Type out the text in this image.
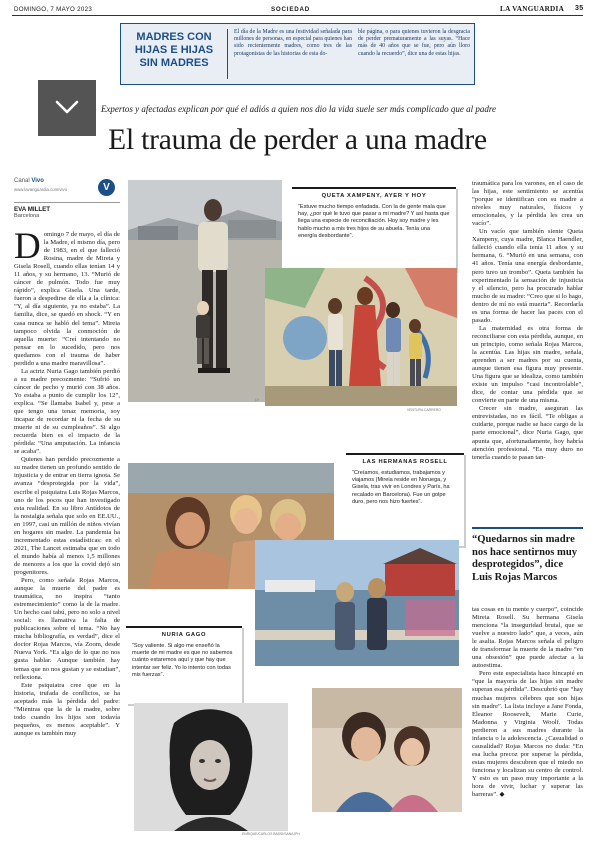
DOMINGO, 7 MAYO 2023	SOCIEDAD	LA VANGUARDIA 35
MADRES CON
HIJAS E HIJAS
SIN MADRES
El día de la Madre es una festividad señalada para millones de personas, en especial para quienes han sido recientemente madres, como tres de las protagonistas de las historias de esta do-
ble página, o para quienes tuvieron la desgracia de perder prematuramente a las suyas. “Hace más de 40 años que se fue, pero aún lloro cuando la recuerdo”, dice una de estas hijas.
Expertos y afectadas explican por qué el adiós a quien nos dio la vida suele ser más complicado que al padre
El trauma de perder a una madre
Canal Vivo
www.lavanguardia.com/vivo	V
EVA MILLET
Barcelona

Domingo 7 de mayo, el día de la Madre, el mismo día, pero de 1983, en el que falleció Rosina, madre de Mireia y Gisela Rosell, cuando ellas tenían 14 y 11 años, y su hermano, 13. “Murió de cáncer de pulmón. Todo fue muy rápido”, explica Gisela. Una tarde, fueron a despedirse de ella a la clínica: “Y, al día siguiente, ya no estaba”. La familia, dice, se quedó en shock. “Y en casa nunca se habló del tema”. Mireia tampoco olvida la conmoción de aquella muerte: “Creí intentando no pensar en lo sucedido, pero nos quedamos con el trauma de haber perdido a una madre maravillosa”.

La actriz Nuria Gago también perdió a su madre precozmente: “Sufrió un cáncer de pecho y murió con 38 años. Yo estaba a punto de cumplir los 12”, explica. “Se llamaba Isabel y, pese a que tengo una tenaz memoria, soy incapaz de recordar ni la fecha de su muerte ni de su cumpleaños”. Si algo recuerda bien es el impacto de la pérdida: “Una amputación. La infancia se acaba”.

Quienes han perdido precozmente a su madre tienen un profundo sentido de injusticia y de entrar en tierra ignota. Se avanza “desprotegida por la vida”, escribe el psiquiatra Luis Rojas Marcos, uno de los pocos que han investigado esta realidad. En su libro Antídotos de la nostalgia señala que solo en EE.UU., en 1997, casi un millón de niños vivían en hogares sin madre. La pandemia ha incrementado estas estadísticas: en el 2021, The Lancet estimaba que en todo el mundo había al menos 1,5 millones de menores a los que la covid dejó sin progenitores.

Pero, como señala Rojas Marcos, aunque la muerte del padre es traumática, no inspira “tanto estremecimiento” como la de la madre. Un hecho casi tabú, pero no solo a nivel social: es llamativa la falta de publicaciones sobre el tema. “No hay mucha bibliografía, es verdad”, dice el doctor Rojas Marcos, vía Zoom, desde Nueva York. “Es algo de lo que no nos gusta hablar. Aunque también hay temas que no nos gustan y se estudian”, reflexiona.

Este psiquiatra cree que en la historia, trufada de conflictos, se ha aceptado más la pérdida del padre: “Mientras que la de la madre, sobre todo cuando los hijos son todavía pequeños, es menos aceptable”. Y aunque es también muy

LV
QUETA XAMPENY, AYER Y HOY
“Estuve mucho tiempo enfadada. Con la de gente mala que hay, ¿por qué le tuvo que pasar a mi madre? Y así hasta que llega una especie de reconciliación. Hoy soy madre y les hablo mucho a mis tres hijos de su abuela. Tenía una energía desbordante”.
VENTURA CARRERO
LAS HERMANAS ROSELL
“Creíamos, estudiamos, trabajamos y viajamos (Mireia reside en Noruega, y Gisela, tras vivir en Londres y París, ha recalado en Barcelona). Fue un golpe duro, pero nos hizo fuertes”.
NURIA GAGO
“Soy valiente. Si algo me enseñó la muerte de mi madre es que no sabemos cuánto estaremos aquí y que hay que intentar ser feliz. Yo lo intento con todas mis fuerzas”.
ENRIQUE/CARLOS BASSI/SANAJPH

traumática para los varones, en el caso de las hijas, este sentimiento se acentúa “porque se identifican con su madre a niveles muy naturales, físicos y emocionales, y la pérdida les crea un vacío”.

Un vacío que también siente Queta Xampeny, cuya madre, Blanca Haendler, falleció cuando ella tenía 11 años y su hermana, 6. “Murió en una semana, con 41 años. Tenía una energía desbordante, pero tuvo un trombo”. Queta también ha experimentado la sensación de injusticia y el silencio, pero ha procurado hablar mucho de su madre: “Creo que si lo hago, dentro de mí no está muerta”. Recordarla es una forma de hacer las paces con el pasado.

La maternidad es otra forma de reconciliarse con esta pérdida, aunque, en un principio, como señala Rojas Marcos, la acentúa. Las hijas sin madre, señala, aprenden a ser madres por su cuenta, aunque tienen esa figura muy presente. Una figura que se idealiza, como también existe un impulso “casi incontrolable”, dice, de contar una pérdida que se convierte en parte de una misma.

Crecer sin madre, aseguran las entrevistadas, no es fácil. “Te obligas a cuidarte, porque nadie se hace cargo de la parte emocional”, dice Nuria Gago, que apunta que, afortunadamente, hoy habría atención profesional. “Es muy duro no tenerla cuando te pasan tan-

“Quedarnos sin madre nos hace sentirnos muy desprotegidos”, dice Luis Rojas Marcos

tas cosas en tu mente y cuerpo”, coincide Mireia Rosell. Su hermana Gisela menciona “la inseguridad brutal, que se vuelve a nuestro lado” que, a veces, aún le asalta. Rojas Marcos señala el peligro de transformar la muerte de la madre “en una obsesión” que puede afectar a la autoestima.

Pero este especialista hace hincapié en “que la mayoría de las hijas sin madre superan esa pérdida”. Descubrió que “hay muchas mujeres célebres que son hijas sin madre”. La lista incluye a Jane Fonda, Eleanor Roosevelt, Marie Curie, Madonna y Virginia Woolf. Todas perdieron a sus madres durante la infancia o la adolescencia. ¿Casualidad o causalidad? Rojas Marcos no duda: “En esa lucha precoz por superar la pérdida, estas mujeres descubren que el miedo no funciona y localizan su centro de control. Y esto es un paso muy importante a la hora de vivir, luchar y superar las barreras”. ◆
